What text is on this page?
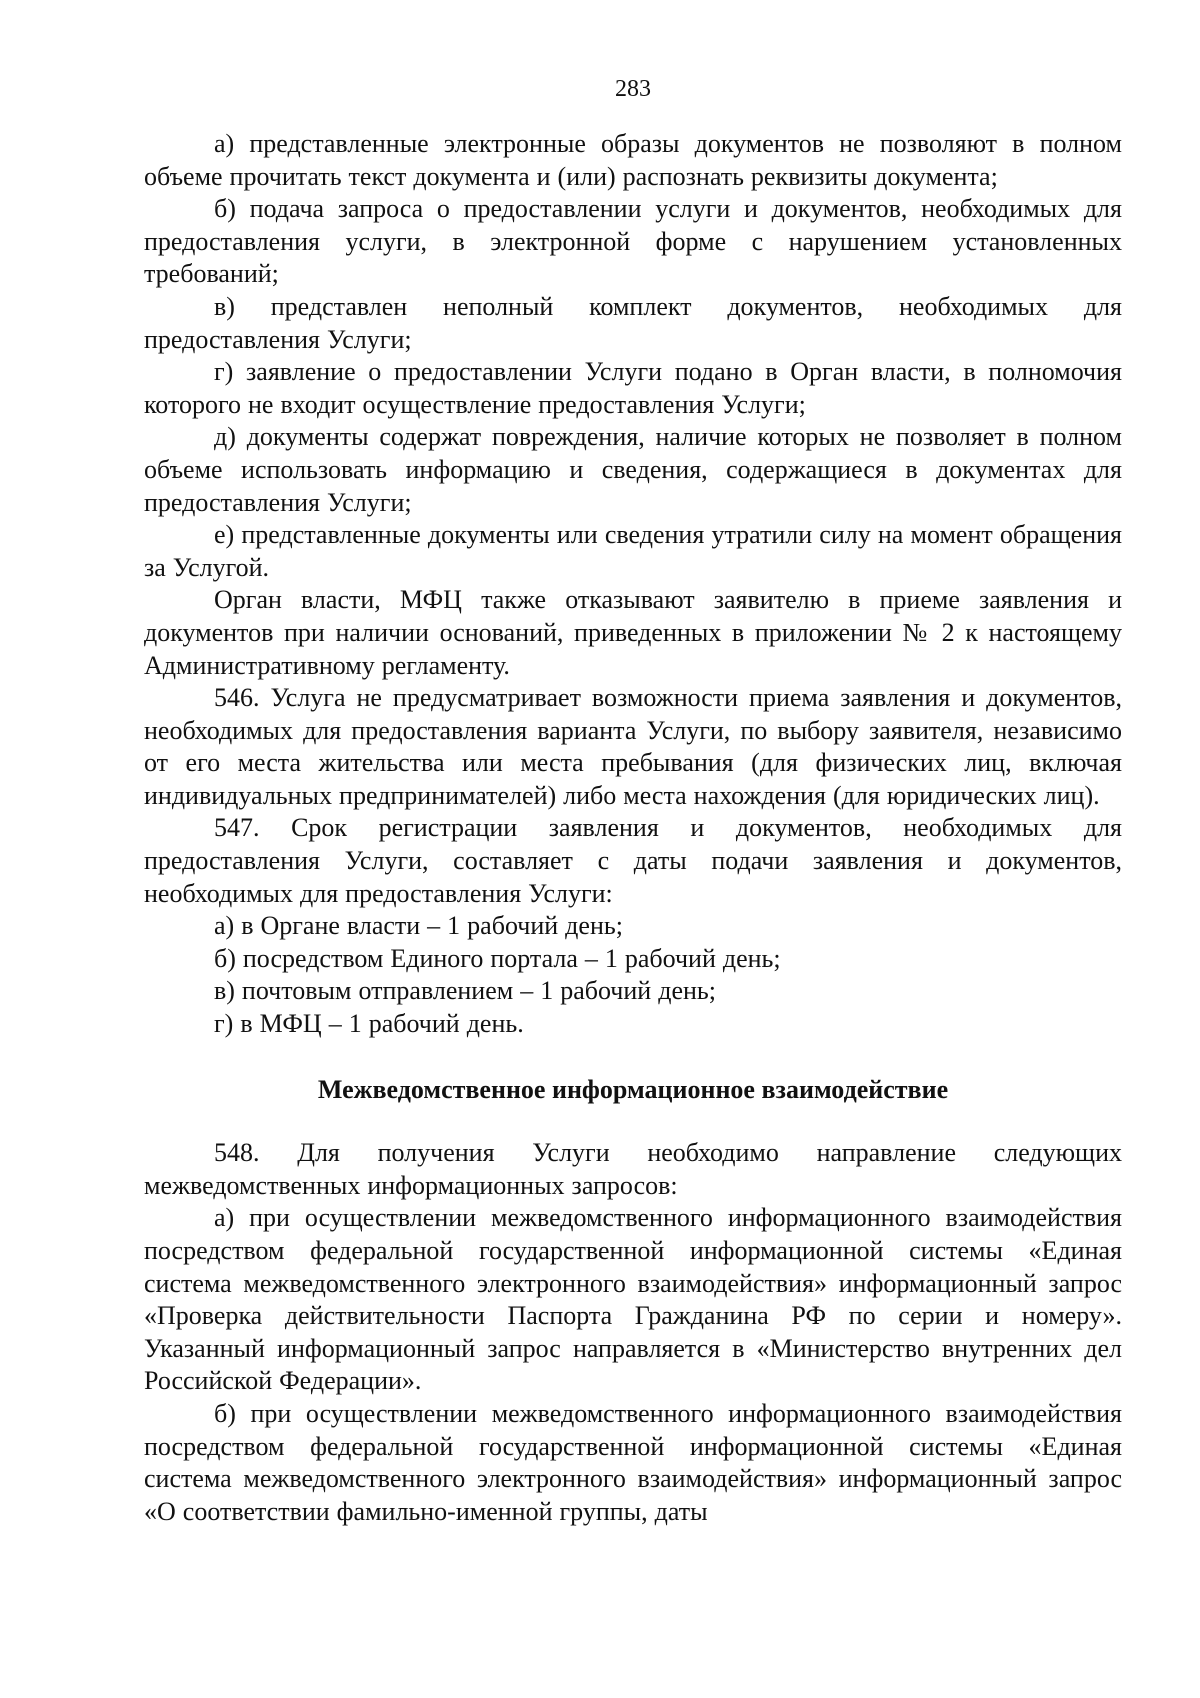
283

а) представленные электронные образы документов не позволяют в полном объеме прочитать текст документа и (или) распознать реквизиты документа;

б) подача запроса о предоставлении услуги и документов, необходимых для предоставления услуги, в электронной форме с нарушением установленных требований;

в) представлен неполный комплект документов, необходимых для предоставления Услуги;

г) заявление о предоставлении Услуги подано в Орган власти, в полномочия которого не входит осуществление предоставления Услуги;

д) документы содержат повреждения, наличие которых не позволяет в полном объеме использовать информацию и сведения, содержащиеся в документах для предоставления Услуги;

е) представленные документы или сведения утратили силу на момент обращения за Услугой.

Орган власти, МФЦ также отказывают заявителю в приеме заявления и документов при наличии оснований, приведенных в приложении № 2 к настоящему Административному регламенту.

546. Услуга не предусматривает возможности приема заявления и документов, необходимых для предоставления варианта Услуги, по выбору заявителя, независимо от его места жительства или места пребывания (для физических лиц, включая индивидуальных предпринимателей) либо места нахождения (для юридических лиц).

547. Срок регистрации заявления и документов, необходимых для предоставления Услуги, составляет с даты подачи заявления и документов, необходимых для предоставления Услуги:

а) в Органе власти – 1 рабочий день;

б) посредством Единого портала – 1 рабочий день;

в) почтовым отправлением – 1 рабочий день;

г) в МФЦ – 1 рабочий день.

Межведомственное информационное взаимодействие

548. Для получения Услуги необходимо направление следующих межведомственных информационных запросов:

а) при осуществлении межведомственного информационного взаимодействия посредством федеральной государственной информационной системы «Единая система межведомственного электронного взаимодействия» информационный запрос «Проверка действительности Паспорта Гражданина РФ по серии и номеру». Указанный информационный запрос направляется в «Министерство внутренних дел Российской Федерации».

б) при осуществлении межведомственного информационного взаимодействия посредством федеральной государственной информационной системы «Единая система межведомственного электронного взаимодействия» информационный запрос «О соответствии фамильно-именной группы, даты
